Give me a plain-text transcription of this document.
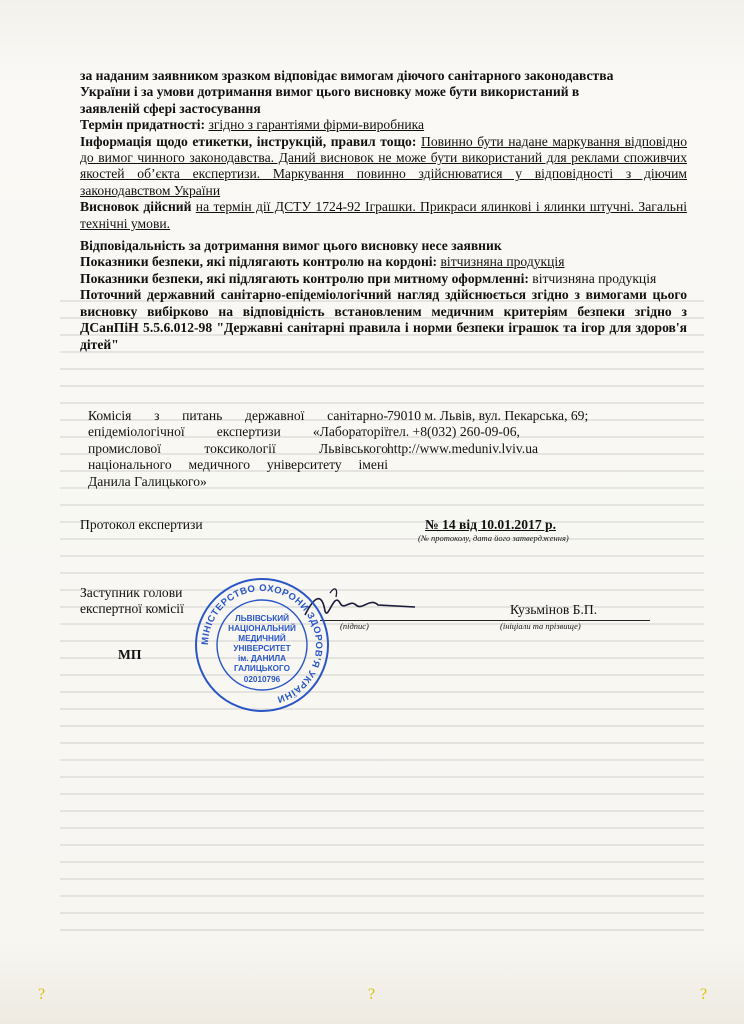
за наданим заявником зразком відповідає вимогам діючого санітарного законодавства

України і за умови дотримання вимог цього висновку може бути використаний в

заявленій сфері застосування

Термін придатності: згідно з гарантіями фірми-виробника

Інформація щодо етикетки, інструкцій, правил тощо: Повинно бути надане маркування відповідно до вимог чинного законодавства. Даний висновок не може бути використаний для реклами споживчих якостей об’єкта експертизи. Маркування повинно здійснюватися у відповідності з діючим законодавством України

Висновок дійсний на термін дії ДСТУ 1724-92 Іграшки. Прикраси ялинкові і ялинки штучні. Загальні технічні умови.

Відповідальність за дотримання вимог цього висновку несе заявник

Показники безпеки, які підлягають контролю на кордоні: вітчизняна продукція

Показники безпеки, які підлягають контролю при митному оформленні: вітчизняна продукція

Поточний державний санітарно-епідеміологічний нагляд здійснюється згідно з вимогами цього висновку вибірково на відповідність встановленим медичним критеріям безпеки згідно з ДСанПіН 5.5.6.012-98 "Державні санітарні правила і норми безпеки іграшок та ігор для здоров'я дітей"

Комісія з питань державної санітарно-епідеміологічної експертизи «Лабораторії промислової токсикології Львівського національного медичного університету імені Данила Галицького»
79010 м. Львів, вул. Пекарська, 69;
тел. +8(032) 260-09-06,
http://www.meduniv.lviv.ua
Протокол експертизи	№ 14 від 10.01.2017 р.
(№ протоколу, дата його затвердження)
Заступник голови
експертної комісії	Кузьмінов Б.П.
(підпис)	(ініціали та прізвище)
МП
МІНІСТЕРСТВО ОХОРОНИ ЗДОРОВ'Я УКРАЇНИ
ЛЬВІВСЬКИЙ
НАЦІОНАЛЬНИЙ
МЕДИЧНИЙ
УНІВЕРСИТЕТ
ім. ДАНИЛА
ГАЛИЦЬКОГО
02010796
?	?	?
